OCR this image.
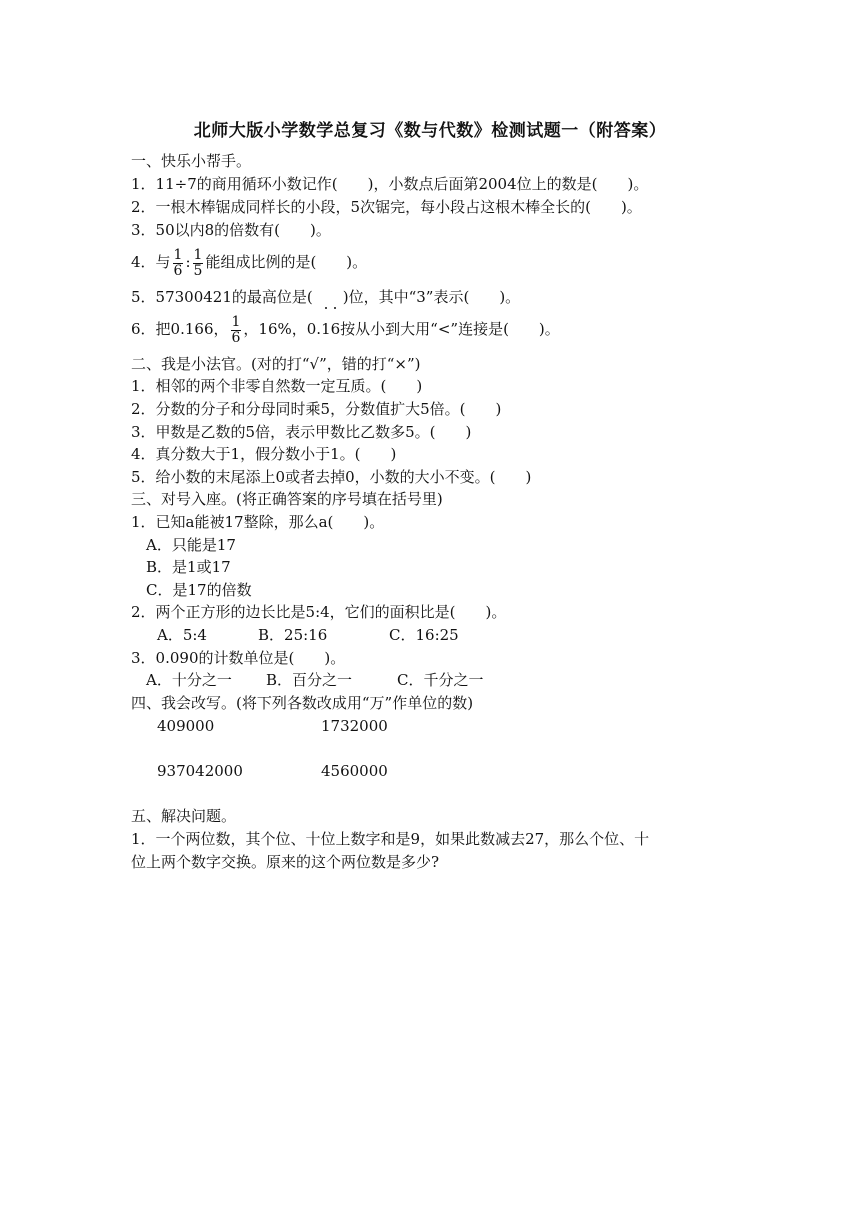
北师大版小学数学总复习《数与代数》检测试题一（附答案）
一、快乐小帮手。
1．11÷7的商用循环小数记作(　　)，小数点后面第2004位上的数是(　　)。
2．一根木棒锯成同样长的小段，5次锯完，每小段占这根木棒全长的(　　)。
3．50以内8的倍数有(　　)。
4．与 $\frac{1}{6}$ : $\frac{1}{5}$ 能组成比例的是(　　)。
5．57300421的最高位是(　　)位，其中“3”表示(　　)。
6．把0.166， $\frac{1}{6}$ ，16%，0.
1
6按从小到大用“<”连接是(　　)。
二、我是小法官。(对的打“√”，错的打“×”)
1．相邻的两个非零自然数一定互质。(　　)
2．分数的分子和分母同时乘5，分数值扩大5倍。(　　)
3．甲数是乙数的5倍，表示甲数比乙数多5。(　　)
4．真分数大于1，假分数小于1。(　　)
5．给小数的末尾添上0或者去掉0，小数的大小不变。(　　)
三、对号入座。(将正确答案的序号填在括号里)
1．已知a能被17整除，那么a(　　)。
A．只能是17
B．是1或17
C．是17的倍数
2．两个正方形的边长比是5:4，它们的面积比是(　　)。
A．5:4	B．25:16	C．16:25
3．0.090的计数单位是(　　)。
A．十分之一 B．百分之一	C．千分之一
四、我会改写。(将下列各数改成用“万”作单位的数)
409000	1732000
937042000	4560000
五、解决问题。
1．一个两位数，其个位、十位上数字和是9，如果此数减去27，那么个位、十
位上两个数字交换。原来的这个两位数是多少?
